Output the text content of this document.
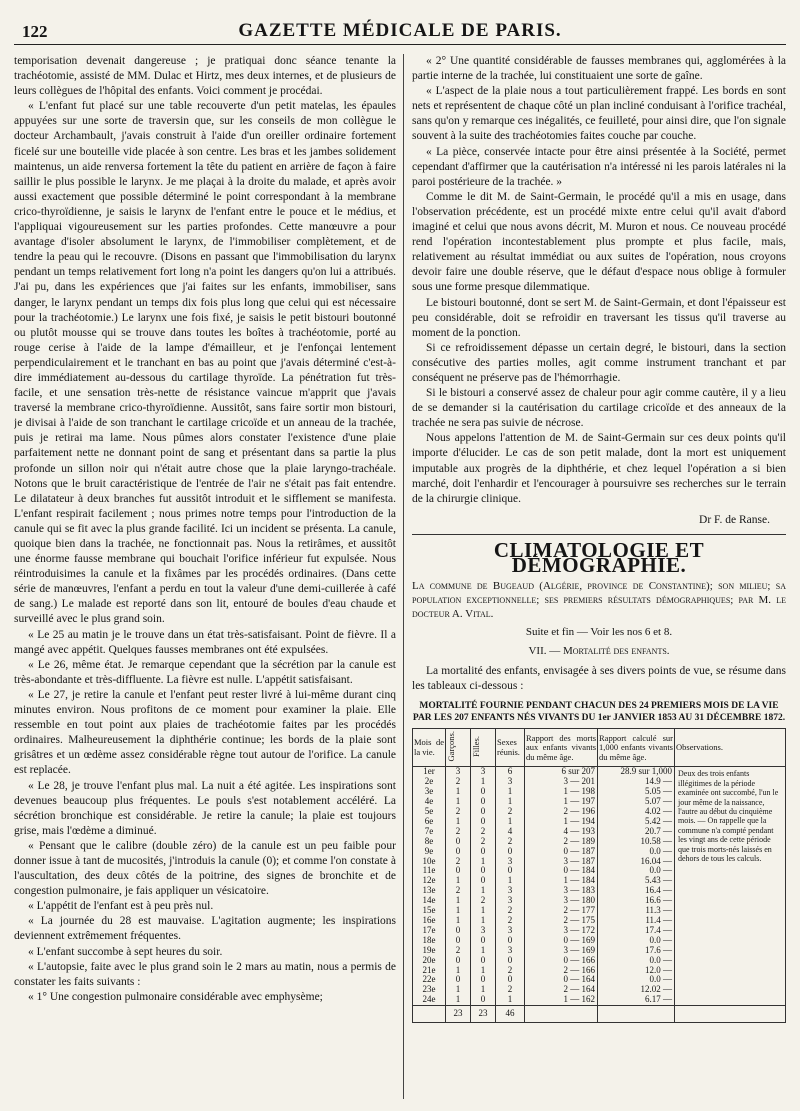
122	GAZETTE MÉDICALE DE PARIS.

temporisation devenait dangereuse ; je pratiquai donc séance tenante la trachéotomie, assisté de MM. Dulac et Hirtz, mes deux internes, et de plusieurs de leurs collègues de l'hôpital des enfants. Voici comment je procédai.

« L'enfant fut placé sur une table recouverte d'un petit matelas, les épaules appuyées sur une sorte de traversin que, sur les conseils de mon collègue le docteur Archambault, j'avais construit à l'aide d'un oreiller ordinaire fortement ficelé sur une bouteille vide placée à son centre. Les bras et les jambes solidement maintenus, un aide renversa fortement la tête du patient en arrière de façon à faire saillir le plus possible le larynx. Je me plaçai à la droite du malade, et après avoir aussi exactement que possible déterminé le point correspondant à la membrane crico-thyroïdienne, je saisis le larynx de l'enfant entre le pouce et le médius, et l'appliquai vigoureusement sur les parties profondes. Cette manœuvre a pour avantage d'isoler absolument le larynx, de l'immobiliser complètement, et de tendre la peau qui le recouvre. (Disons en passant que l'immobilisation du larynx pendant un temps relativement fort long n'a point les dangers qu'on lui a attribués. J'ai pu, dans les expériences que j'ai faites sur les enfants, immobiliser, sans danger, le larynx pendant un temps dix fois plus long que celui qui est nécessaire pour la trachéotomie.) Le larynx une fois fixé, je saisis le petit bistouri boutonné ou plutôt mousse qui se trouve dans toutes les boîtes à trachéotomie, porté au rouge cerise à l'aide de la lampe d'émailleur, et je l'enfonçai lentement perpendiculairement et le tranchant en bas au point que j'avais déterminé c'est-à-dire immédiatement au-dessous du cartilage thyroïde. La pénétration fut très-facile, et une sensation très-nette de résistance vaincue m'apprit que j'avais traversé la membrane crico-thyroïdienne. Aussitôt, sans faire sortir mon bistouri, je divisai à l'aide de son tranchant le cartilage cricoïde et un anneau de la trachée, puis je retirai ma lame. Nous pûmes alors constater l'existence d'une plaie parfaitement nette ne donnant point de sang et présentant dans sa partie la plus profonde un sillon noir qui n'était autre chose que la plaie laryngo-trachéale. Notons que le bruit caractéristique de l'entrée de l'air ne s'était pas fait entendre. Le dilatateur à deux branches fut aussitôt introduit et le sifflement se manifesta. L'enfant respirait facilement ; nous primes notre temps pour l'introduction de la canule qui se fit avec la plus grande facilité. Ici un incident se présenta. La canule, quoique bien dans la trachée, ne fonctionnait pas. Nous la retirâmes, et aussitôt une énorme fausse membrane qui bouchait l'orifice inférieur fut expulsée. Nous réintroduisimes la canule et la fixâmes par les procédés ordinaires. (Dans cette série de manœuvres, l'enfant a perdu en tout la valeur d'une demi-cuillerée à café de sang.) Le malade est reporté dans son lit, entouré de boules d'eau chaude et surveillé avec le plus grand soin.

« Le 25 au matin je le trouve dans un état très-satisfaisant. Point de fièvre. Il a mangé avec appétit. Quelques fausses membranes ont été expulsées.

« Le 26, même état. Je remarque cependant que la sécrétion par la canule est très-abondante et très-diffluente. La fièvre est nulle. L'appétit satisfaisant.

« Le 27, je retire la canule et l'enfant peut rester livré à lui-même durant cinq minutes environ. Nous profitons de ce moment pour examiner la plaie. Elle ressemble en tout point aux plaies de trachéotomie faites par les procédés ordinaires. Malheureusement la diphthérie continue; les bords de la plaie sont grisâtres et un œdème assez considérable règne tout autour de l'orifice. La canule est replacée.

« Le 28, je trouve l'enfant plus mal. La nuit a été agitée. Les inspirations sont devenues beaucoup plus fréquentes. Le pouls s'est notablement accéléré. La sécrétion bronchique est considérable. Je retire la canule; la plaie est toujours grise, mais l'œdème a diminué.

« Pensant que le calibre (double zéro) de la canule est un peu faible pour donner issue à tant de mucosités, j'introduis la canule (0); et comme l'on constate à l'auscultation, des deux côtés de la poitrine, des signes de bronchite et de congestion pulmonaire, je fais appliquer un vésicatoire.

« L'appétit de l'enfant est à peu près nul.

« La journée du 28 est mauvaise. L'agitation augmente; les inspirations deviennent extrêmement fréquentes.

« L'enfant succombe à sept heures du soir.

« L'autopsie, faite avec le plus grand soin le 2 mars au matin, nous a permis de constater les faits suivants :

« 1° Une congestion pulmonaire considérable avec emphysème;

« 2° Une quantité considérable de fausses membranes qui, agglomérées à la partie interne de la trachée, lui constituaient une sorte de gaîne.

« L'aspect de la plaie nous a tout particulièrement frappé. Les bords en sont nets et représentent de chaque côté un plan incliné conduisant à l'orifice trachéal, sans qu'on y remarque ces inégalités, ce feuilleté, pour ainsi dire, que l'on signale souvent à la suite des trachéotomies faites couche par couche.

« La pièce, conservée intacte pour être ainsi présentée à la Société, permet cependant d'affirmer que la cautérisation n'a intéressé ni les parois latérales ni la paroi postérieure de la trachée. »

Comme le dit M. de Saint-Germain, le procédé qu'il a mis en usage, dans l'observation précédente, est un procédé mixte entre celui qu'il avait d'abord imaginé et celui que nous avons décrit, M. Muron et nous. Ce nouveau procédé rend l'opération incontestablement plus prompte et plus facile, mais, relativement au résultat immédiat ou aux suites de l'opération, nous croyons devoir faire une double réserve, que le défaut d'espace nous oblige à formuler sous une forme presque dilemmatique.

Le bistouri boutonné, dont se sert M. de Saint-Germain, et dont l'épaisseur est peu considérable, doit se refroidir en traversant les tissus qu'il traverse au moment de la ponction.

Si ce refroidissement dépasse un certain degré, le bistouri, dans la section consécutive des parties molles, agit comme instrument tranchant et par conséquent ne préserve pas de l'hémorrhagie.

Si le bistouri a conservé assez de chaleur pour agir comme cautère, il y a lieu de se demander si la cautérisation du cartilage cricoïde et des anneaux de la trachée ne sera pas suivie de nécrose.

Nous appelons l'attention de M. de Saint-Germain sur ces deux points qu'il importe d'élucider. Le cas de son petit malade, dont la mort est uniquement imputable aux progrès de la diphthérie, et chez lequel l'opération a si bien marché, doit l'enhardir et l'encourager à poursuivre ses recherches sur le terrain de la chirurgie clinique.

Dr F. de Ranse.
CLIMATOLOGIE ET DÉMOGRAPHIE.
La commune de Bugeaud (Algérie, province de Constantine); son milieu; sa population exceptionnelle; ses premiers résultats démographiques; par M. le docteur A. Vital.
Suite et fin — Voir les nos 6 et 8.
VII. — Mortalité des enfants.

La mortalité des enfants, envisagée à ses divers points de vue, se résume dans les tableaux ci-dessous :

MORTALITÉ FOURNIE PENDANT CHACUN DES 24 PREMIERS MOIS DE LA VIE PAR LES 207 ENFANTS NÉS VIVANTS DU 1er JANVIER 1853 AU 31 DÉCEMBRE 1872.
Mois de la vie.	Garçons.	Filles.	Sexes réunis.	Rapport des morts aux enfants vivants du même âge.	Rapport calculé sur 1,000 enfants vivants du même âge.	Observations.
1er	3	3	6	6 sur 207	28.9 sur 1,000	Deux des trois enfants illégitimes de la période examinée ont succombé, l'un le jour même de la naissance, l'autre au début du cinquième mois. — On rappelle que la commune n'a compté pendant les vingt ans de cette période que trois morts-nés laissés en dehors de tous les calculs.
2e	2	1	3	3 — 201	14.9 —	
3e	1	0	1	1 — 198	5.05 —	
4e	1	0	1	1 — 197	5.07 —	
5e	2	0	2	2 — 196	4.02 —	
6e	1	0	1	1 — 194	5.42 —	
7e	2	2	4	4 — 193	20.7 —	
8e	0	2	2	2 — 189	10.58 —	
9e	0	0	0	0 — 187	0.0 —	
10e	2	1	3	3 — 187	16.04 —	
11e	0	0	0	0 — 184	0.0 —	
12e	1	0	1	1 — 184	5.43 —	
13e	2	1	3	3 — 183	16.4 —	
14e	1	2	3	3 — 180	16.6 —	
15e	1	1	2	2 — 177	11.3 —	
16e	1	1	2	2 — 175	11.4 —	
17e	0	3	3	3 — 172	17.4 —	
18e	0	0	0	0 — 169	0.0 —	
19e	2	1	3	3 — 169	17.6 —	
20e	0	0	0	0 — 166	0.0 —	
21e	1	1	2	2 — 166	12.0 —	
22e	0	0	0	0 — 164	0.0 —	
23e	1	1	2	2 — 164	12.02 —	
24e	1	0	1	1 — 162	6.17 —	
	23	23	46			
